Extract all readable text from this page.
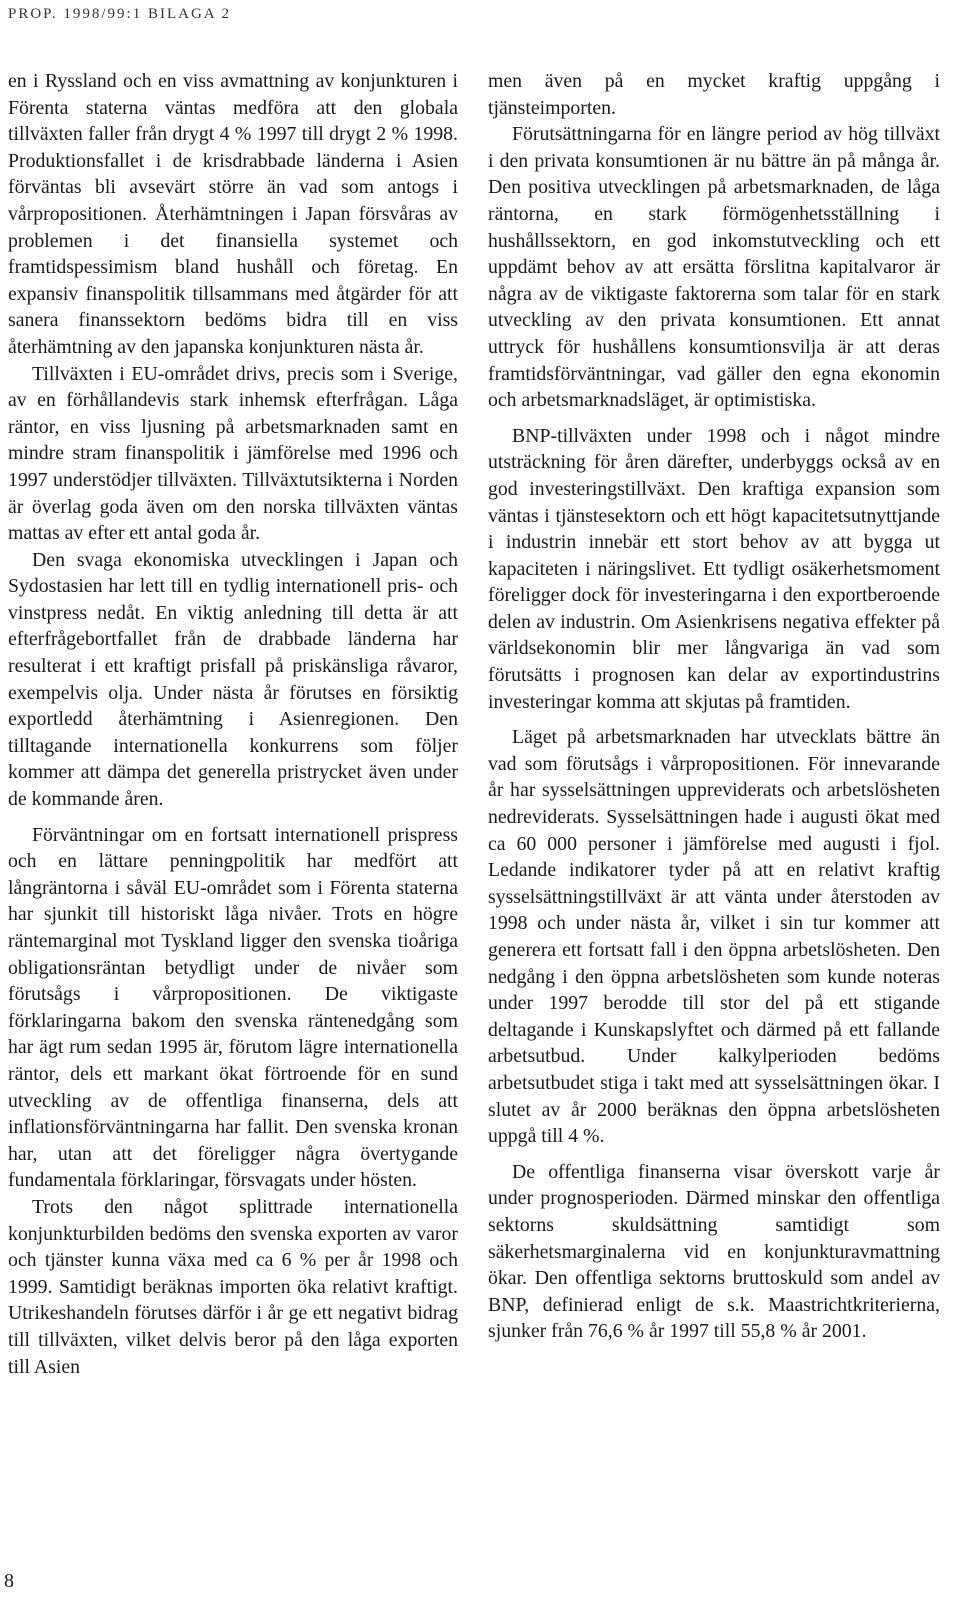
PROP. 1998/99:1 BILAGA 2

en i Ryssland och en viss avmattning av konjunkturen i Förenta staterna väntas medföra att den globala tillväxten faller från drygt 4 % 1997 till drygt 2 % 1998. Produktionsfallet i de krisdrabbade länderna i Asien förväntas bli avsevärt större än vad som antogs i vårpropositionen. Återhämtningen i Japan försvåras av problemen i det finansiella systemet och framtidspessimism bland hushåll och företag. En expansiv finanspolitik tillsammans med åtgärder för att sanera finanssektorn bedöms bidra till en viss återhämtning av den japanska konjunkturen nästa år.

Tillväxten i EU-området drivs, precis som i Sverige, av en förhållandevis stark inhemsk efterfrågan. Låga räntor, en viss ljusning på arbetsmarknaden samt en mindre stram finanspolitik i jämförelse med 1996 och 1997 understödjer tillväxten. Tillväxtutsikterna i Norden är överlag goda även om den norska tillväxten väntas mattas av efter ett antal goda år.

Den svaga ekonomiska utvecklingen i Japan och Sydostasien har lett till en tydlig internationell pris- och vinstpress nedåt. En viktig anledning till detta är att efterfrågebortfallet från de drabbade länderna har resulterat i ett kraftigt prisfall på priskänsliga råvaror, exempelvis olja. Under nästa år förutses en försiktig exportledd återhämtning i Asienregionen. Den tilltagande internationella konkurrens som följer kommer att dämpa det generella pristrycket även under de kommande åren.

Förväntningar om en fortsatt internationell prispress och en lättare penningpolitik har medfört att långräntorna i såväl EU-området som i Förenta staterna har sjunkit till historiskt låga nivåer. Trots en högre räntemarginal mot Tyskland ligger den svenska tioåriga obligationsräntan betydligt under de nivåer som förutsågs i vårpropositionen. De viktigaste förklaringarna bakom den svenska räntenedgång som har ägt rum sedan 1995 är, förutom lägre internationella räntor, dels ett markant ökat förtroende för en sund utveckling av de offentliga finanserna, dels att inflationsförväntningarna har fallit. Den svenska kronan har, utan att det föreligger några övertygande fundamentala förklaringar, försvagats under hösten.

Trots den något splittrade internationella konjunkturbilden bedöms den svenska exporten av varor och tjänster kunna växa med ca 6 % per år 1998 och 1999. Samtidigt beräknas importen öka relativt kraftigt. Utrikeshandeln förutses därför i år ge ett negativt bidrag till tillväxten, vilket delvis beror på den låga exporten till Asien

men även på en mycket kraftig uppgång i tjänsteimporten.

Förutsättningarna för en längre period av hög tillväxt i den privata konsumtionen är nu bättre än på många år. Den positiva utvecklingen på arbetsmarknaden, de låga räntorna, en stark förmögenhetsställning i hushållssektorn, en god inkomstutveckling och ett uppdämt behov av att ersätta förslitna kapitalvaror är några av de viktigaste faktorerna som talar för en stark utveckling av den privata konsumtionen. Ett annat uttryck för hushållens konsumtionsvilja är att deras framtidsförväntningar, vad gäller den egna ekonomin och arbetsmarknadsläget, är optimistiska.

BNP-tillväxten under 1998 och i något mindre utsträckning för åren därefter, underbyggs också av en god investeringstillväxt. Den kraftiga expansion som väntas i tjänstesektorn och ett högt kapacitetsutnyttjande i industrin innebär ett stort behov av att bygga ut kapaciteten i näringslivet. Ett tydligt osäkerhetsmoment föreligger dock för investeringarna i den exportberoende delen av industrin. Om Asienkrisens negativa effekter på världsekonomin blir mer långvariga än vad som förutsätts i prognosen kan delar av exportindustrins investeringar komma att skjutas på framtiden.

Läget på arbetsmarknaden har utvecklats bättre än vad som förutsågs i vårpropositionen. För innevarande år har sysselsättningen uppreviderats och arbetslösheten nedreviderats. Sysselsättningen hade i augusti ökat med ca 60 000 personer i jämförelse med augusti i fjol. Ledande indikatorer tyder på att en relativt kraftig sysselsättningstillväxt är att vänta under återstoden av 1998 och under nästa år, vilket i sin tur kommer att generera ett fortsatt fall i den öppna arbetslösheten. Den nedgång i den öppna arbetslösheten som kunde noteras under 1997 berodde till stor del på ett stigande deltagande i Kunskapslyftet och därmed på ett fallande arbetsutbud. Under kalkylperioden bedöms arbetsutbudet stiga i takt med att sysselsättningen ökar. I slutet av år 2000 beräknas den öppna arbetslösheten uppgå till 4 %.

De offentliga finanserna visar överskott varje år under prognosperioden. Därmed minskar den offentliga sektorns skuldsättning samtidigt som säkerhetsmarginalerna vid en konjunkturavmattning ökar. Den offentliga sektorns bruttoskuld som andel av BNP, definierad enligt de s.k. Maastrichtkriterierna, sjunker från 76,6 % år 1997 till 55,8 % år 2001.

8
